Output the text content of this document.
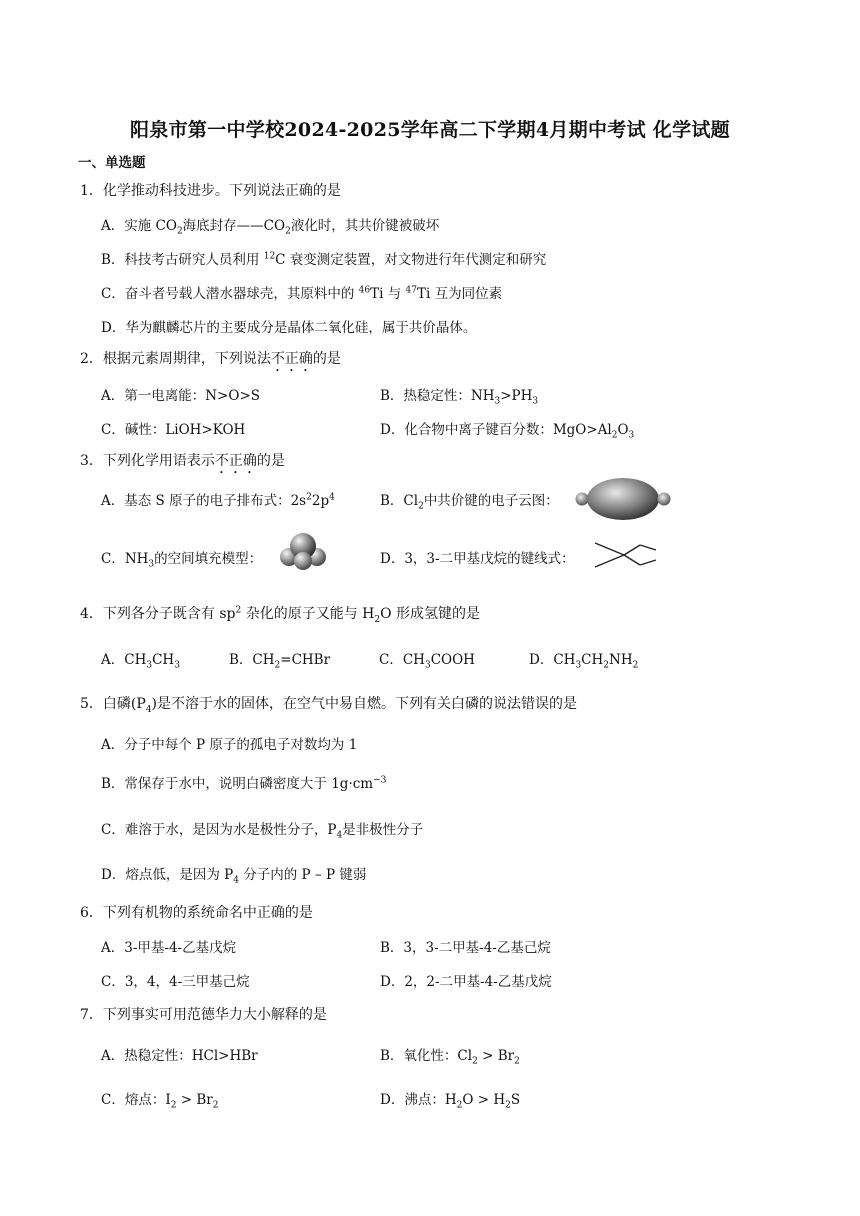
阳泉市第一中学校2024-2025学年高二下学期4月期中考试 化学试题
一、单选题
1．化学推动科技进步。下列说法正确的是
A．实施 $CO_2$海底封存$——CO_2$液化时，其共价键被破坏
B．科技考古研究人员利用 $^{12}$C 衰变测定装置，对文物进行年代测定和研究
C．奋斗者号载人潜水器球壳，其原料中的 $^{46}$Ti 与 $^{47}$Ti 互为同位素
D．华为麒麟芯片的主要成分是晶体二氧化硅，属于共价晶体。
2．根据元素周期律，下列说法不正确的是
A．第一电离能：N>O>S	B．热稳定性：$NH_3>PH_3$
C．碱性：LiOH>KOH	D．化合物中离子键百分数：$MgO>Al_2O_3$
3．下列化学用语表示不正确的是
A．基态 S 原子的电子排布式：$2s^22p^4$	B．$Cl_2$中共价键的电子云图：
C．$NH_3$的空间填充模型：	D．3，3-二甲基戊烷的键线式：
4．下列各分子既含有 $sp^2$ 杂化的原子又能与 $H_2O$ 形成氢键的是
A．$CH_3CH_3$	B．$CH_2=CHBr$	C．$CH_3COOH$	D．$CH_3CH_2NH_2$
5．白磷$(P_4)$是不溶于水的固体，在空气中易自燃。下列有关白磷的说法错误的是
A．分子中每个 P 原子的孤电子对数均为 1
B．常保存于水中，说明白磷密度大于 $1g\cdot cm^{-3}$
C．难溶于水，是因为水是极性分子，$P_4$是非极性分子
D．熔点低，是因为 $P_4$ 分子内的 P – P 键弱
6．下列有机物的系统命名中正确的是
A．3-甲基-4-乙基戊烷	B．3，3-二甲基-4-乙基己烷
C．3，4，4-三甲基己烷	D．2，2-二甲基-4-乙基戊烷
7．下列事实可用范德华力大小解释的是
A．热稳定性：HCl>HBr	B．氧化性：$Cl_2 > Br_2$
C．熔点：$I_2 > Br_2$	D．沸点：$H_2O > H_2S$
